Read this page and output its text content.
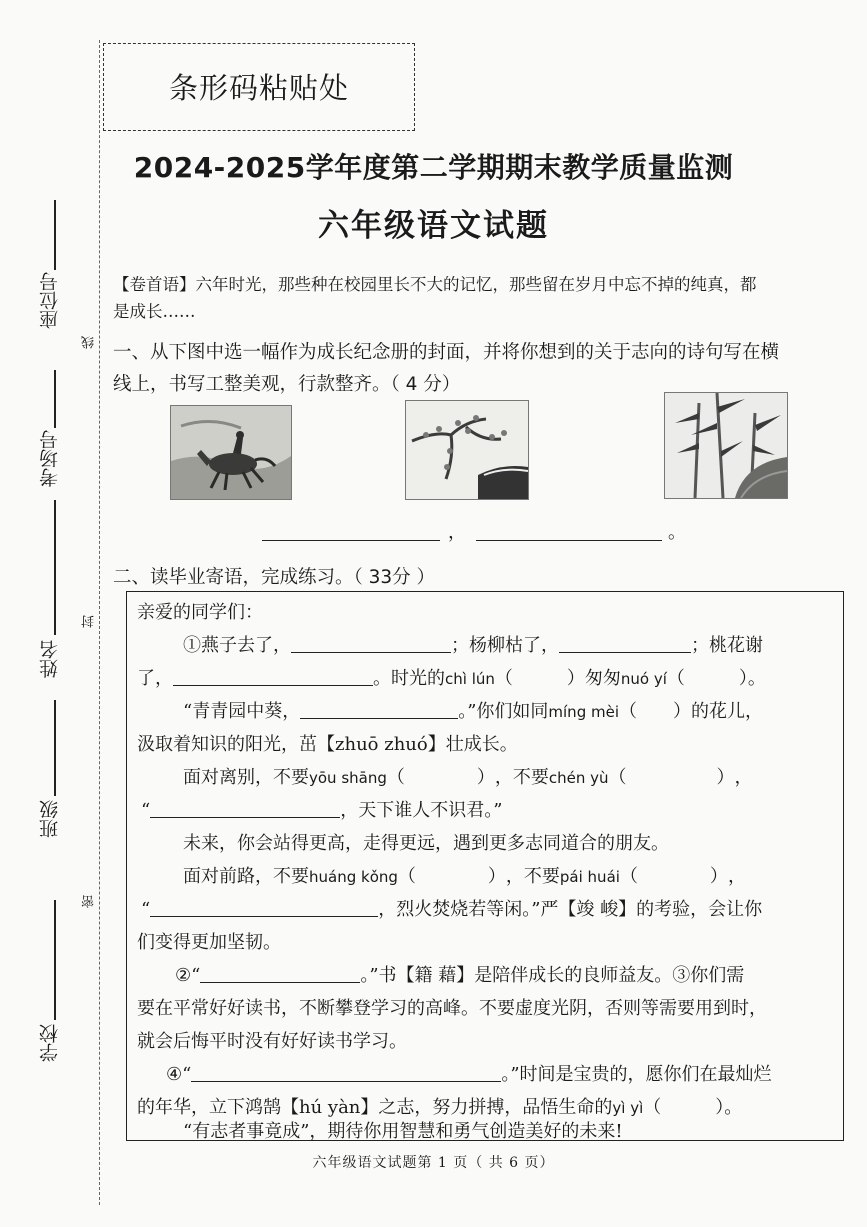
座位号
考场号
姓名
班级
学校
线
封
密
条形码粘贴处
2024-2025学年度第二学期期末教学质量监测
六年级语文试题
【卷首语】六年时光，那些种在校园里长不大的记忆，那些留在岁月中忘不掉的纯真，都
是成长……
一、从下图中选一幅作为成长纪念册的封面，并将你想到的关于志向的诗句写在横
线上，书写工整美观，行款整齐。（ 4 分）
，	。
二、读毕业寄语，完成练习。（ 33分 ）
亲爱的同学们：
①燕子去了，	；杨柳枯了，	；桃花谢
了，	。时光的chì lún（　　　）匆匆nuó yí（　　　）。
“青青园中葵，	。”你们如同míng mèi（　　）的花儿，
汲取着知识的阳光，茁【zhuō zhuó】壮成长。
面对离别，不要yōu shāng（　　　　），不要chén yù（　　　　　），
“	，天下谁人不识君。”
未来，你会站得更高，走得更远，遇到更多志同道合的朋友。
面对前路，不要huáng kǒng（　　　　），不要pái huái（　　　　），
“	，烈火焚烧若等闲。”严【竣 峻】的考验，会让你
们变得更加坚韧。
②“	。”书【籍 藉】是陪伴成长的良师益友。③你们需
要在平常好好读书，不断攀登学习的高峰。不要虚度光阴，否则等需要用到时，
就会后悔平时没有好好读书学习。
④“	。”时间是宝贵的，愿你们在最灿烂
的年华，立下鸿鹄【hú yàn】之志，努力拼搏，品悟生命的yì yì（　　　）。
“有志者事竟成”，期待你用智慧和勇气创造美好的未来!
六年级语文试题第 1 页（ 共 6 页）
